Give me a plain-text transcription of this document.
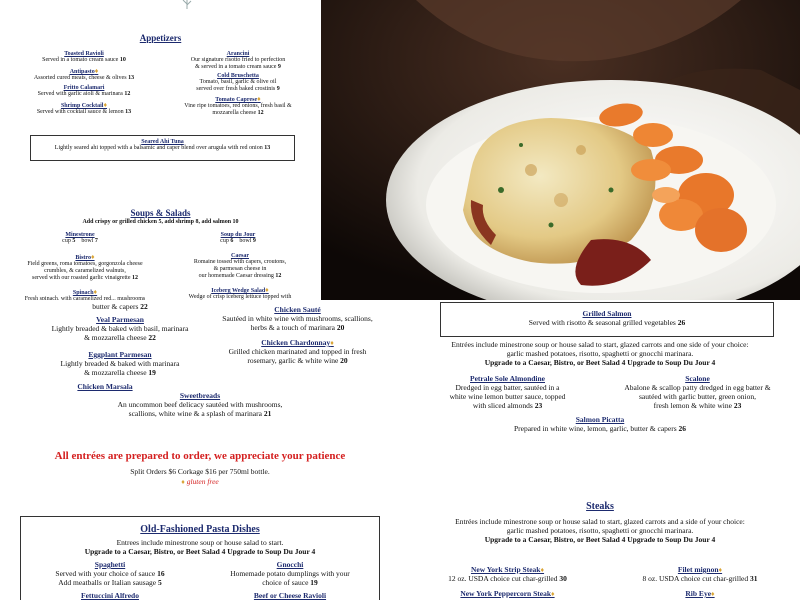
Appetizers
Toasted Ravioli
Served in a tomato cream sauce 10
Antipasto♦
Assorted cured meats, cheese & olives 13
Fritto Calamari
Served with garlic aioli & marinara 12
Shrimp Cocktail♦
Served with cocktail sauce & lemon 13
Arancini
Our signature risotto fried to perfection
& served in a tomato cream sauce 9
Cold Bruschetta
Tomato, basil, garlic & olive oil
served over fresh baked crostinis 9
Tomato Caprese♦
Vine ripe tomatoes, red onions, fresh basil &
mozzarella cheese 12
Seared Ahi Tuna
Lightly seared ahi topped with a balsamic and caper blend over arugula with red onion 13
Soups & Salads
Add crispy or grilled chicken 5, add shrimp 8, add salmon 10
Minestrone
cup 5 bowl 7
Soup du Jour
cup 6 bowl 9
Bistro♦
Field greens, roma tomatoes, gorgonzola cheese
crumbles, & caramelized walnuts,
served with our roasted garlic vinaigrette 12
Caesar
Romaine tossed with capers, croutons,
& parmesan cheese in
our homemade Caesar dressing 12
Spinach♦
Fresh spinach, with caramelized red... mushrooms
Iceberg Wedge Salad♦
Wedge of crisp iceberg lettuce topped with
butter & capers 22
Veal Parmesan
Lightly breaded & baked with basil, marinara
& mozzarella cheese 22
Eggplant Parmesan
Lightly breaded & baked with marinara
& mozzarella cheese 19
Chicken Marsala
Chicken Sauté
Sautéed in white wine with mushrooms, scallions,
herbs & a touch of marinara 20
Chicken Chardonnay♦
Grilled chicken marinated and topped in fresh
rosemary, garlic & white wine 20
Sweetbreads
An uncommon beef delicacy sautéed with mushrooms,
scallions, white wine & a splash of marinara 21
All entrées are prepared to order, we appreciate your patience
Split Orders $6 Corkage $16 per 750ml bottle.
♦ gluten free
Old-Fashioned Pasta Dishes
Entrees include minestrone soup or house salad to start.
Upgrade to a Caesar, Bistro, or Beet Salad 4 Upgrade to Soup Du Jour 4
Spaghetti
Served with your choice of sauce 16
Add meatballs or Italian sausage 5
Gnocchi
Homemade potato dumplings with your
choice of sauce 19
Fettuccini Alfredo	Beef or Cheese Ravioli
Grilled Salmon
Served with risotto & seasonal grilled vegetables 26
Entrées include minestrone soup or house salad to start, glazed carrots and one side of your choice:
garlic mashed potatoes, risotto, spaghetti or gnocchi marinara.
Upgrade to a Caesar, Bistro, or Beet Salad 4 Upgrade to Soup Du Jour 4
Petrale Sole Almondine
Dredged in egg batter, sautéed in a
white wine lemon butter sauce, topped
with sliced almonds 23
Scalone
Abalone & scallop patty dredged in egg batter &
sautéed with garlic butter, green onion,
fresh lemon & white wine 23
Salmon Picatta
Prepared in white wine, lemon, garlic, butter & capers 26
Steaks
Entrées include minestrone soup or house salad to start, glazed carrots and a side of your choice:
garlic mashed potatoes, risotto, spaghetti or gnocchi marinara.
Upgrade to a Caesar, Bistro, or Beet Salad 4 Upgrade to Soup Du Jour 4
New York Strip Steak♦
12 oz. USDA choice cut char-grilled 30
Filet mignon♦
8 oz. USDA choice cut char-grilled 31
New York Peppercorn Steak♦	Rib Eye♦
